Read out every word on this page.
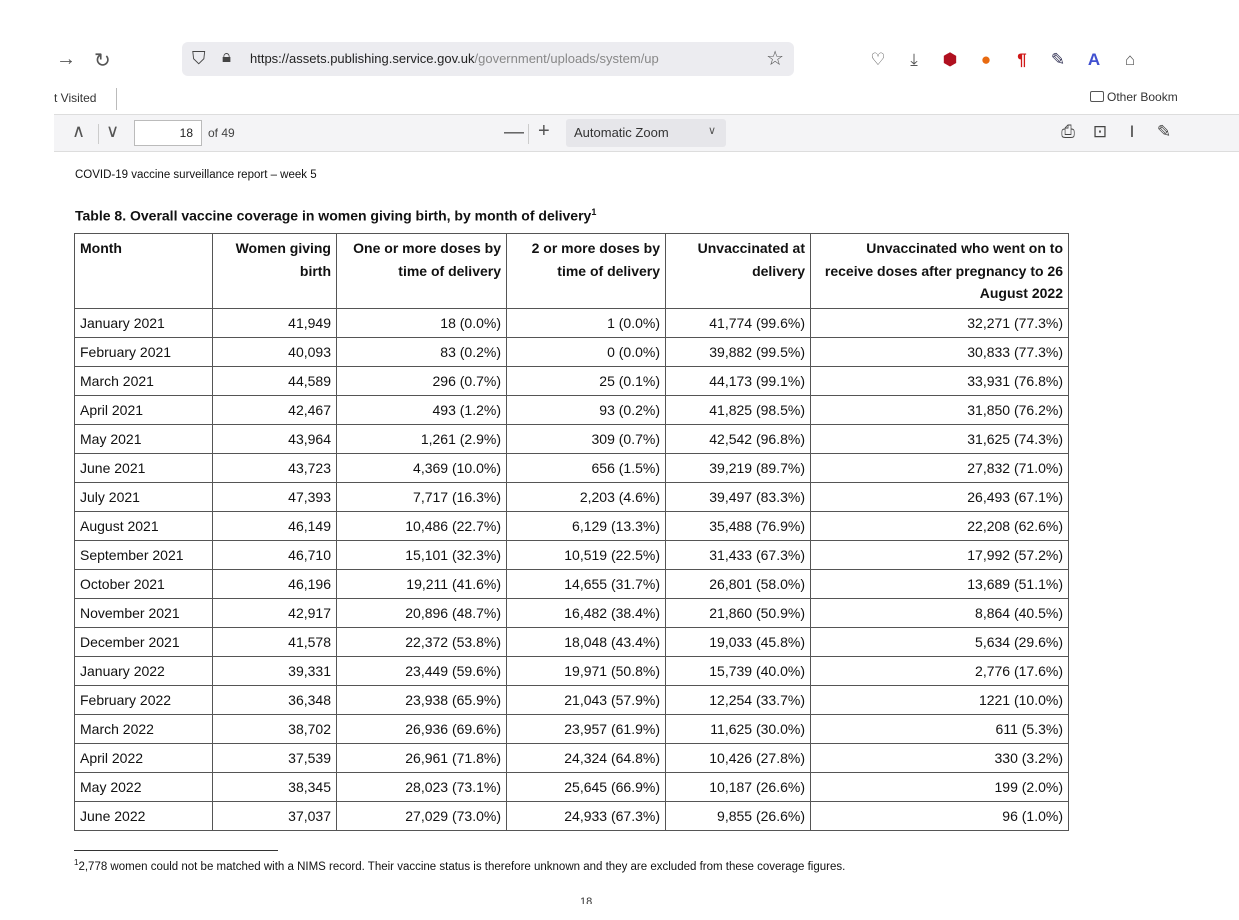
→ ↻	⛉ 🔒︎ https://assets.publishing.service.gov.uk/government/uploads/system/up	☆	♡	⤓	⬢	●	¶	✎	A	⌂
t Visited	Other Bookm
∧ ∨	18	of 49	— +	Automatic Zoom	∨	⎙	⊡	I	✎
COVID-19 vaccine surveillance report – week 5
Table 8. Overall vaccine coverage in women giving birth, by month of delivery$^1$
Month	Women giving birth	One or more doses by time of delivery	2 or more doses by time of delivery	Unvaccinated at delivery	Unvaccinated who went on to receive doses after pregnancy to 26 August 2022
January 2021	41,949	18 (0.0%)	1 (0.0%)	41,774 (99.6%)	32,271 (77.3%)
February 2021	40,093	83 (0.2%)	0 (0.0%)	39,882 (99.5%)	30,833 (77.3%)
March 2021	44,589	296 (0.7%)	25 (0.1%)	44,173 (99.1%)	33,931 (76.8%)
April 2021	42,467	493 (1.2%)	93 (0.2%)	41,825 (98.5%)	31,850 (76.2%)
May 2021	43,964	1,261 (2.9%)	309 (0.7%)	42,542 (96.8%)	31,625 (74.3%)
June 2021	43,723	4,369 (10.0%)	656 (1.5%)	39,219 (89.7%)	27,832 (71.0%)
July 2021	47,393	7,717 (16.3%)	2,203 (4.6%)	39,497 (83.3%)	26,493 (67.1%)
August 2021	46,149	10,486 (22.7%)	6,129 (13.3%)	35,488 (76.9%)	22,208 (62.6%)
September 2021	46,710	15,101 (32.3%)	10,519 (22.5%)	31,433 (67.3%)	17,992 (57.2%)
October 2021	46,196	19,211 (41.6%)	14,655 (31.7%)	26,801 (58.0%)	13,689 (51.1%)
November 2021	42,917	20,896 (48.7%)	16,482 (38.4%)	21,860 (50.9%)	8,864 (40.5%)
December 2021	41,578	22,372 (53.8%)	18,048 (43.4%)	19,033 (45.8%)	5,634 (29.6%)
January 2022	39,331	23,449 (59.6%)	19,971 (50.8%)	15,739 (40.0%)	2,776 (17.6%)
February 2022	36,348	23,938 (65.9%)	21,043 (57.9%)	12,254 (33.7%)	1221 (10.0%)
March 2022	38,702	26,936 (69.6%)	23,957 (61.9%)	11,625 (30.0%)	611 (5.3%)
April 2022	37,539	26,961 (71.8%)	24,324 (64.8%)	10,426 (27.8%)	330 (3.2%)
May 2022	38,345	28,023 (73.1%)	25,645 (66.9%)	10,187 (26.6%)	199 (2.0%)
June 2022	37,037	27,029 (73.0%)	24,933 (67.3%)	9,855 (26.6%)	96 (1.0%)
$^1$2,778 women could not be matched with a NIMS record. Their vaccine status is therefore unknown and they are excluded from these coverage figures.
18
